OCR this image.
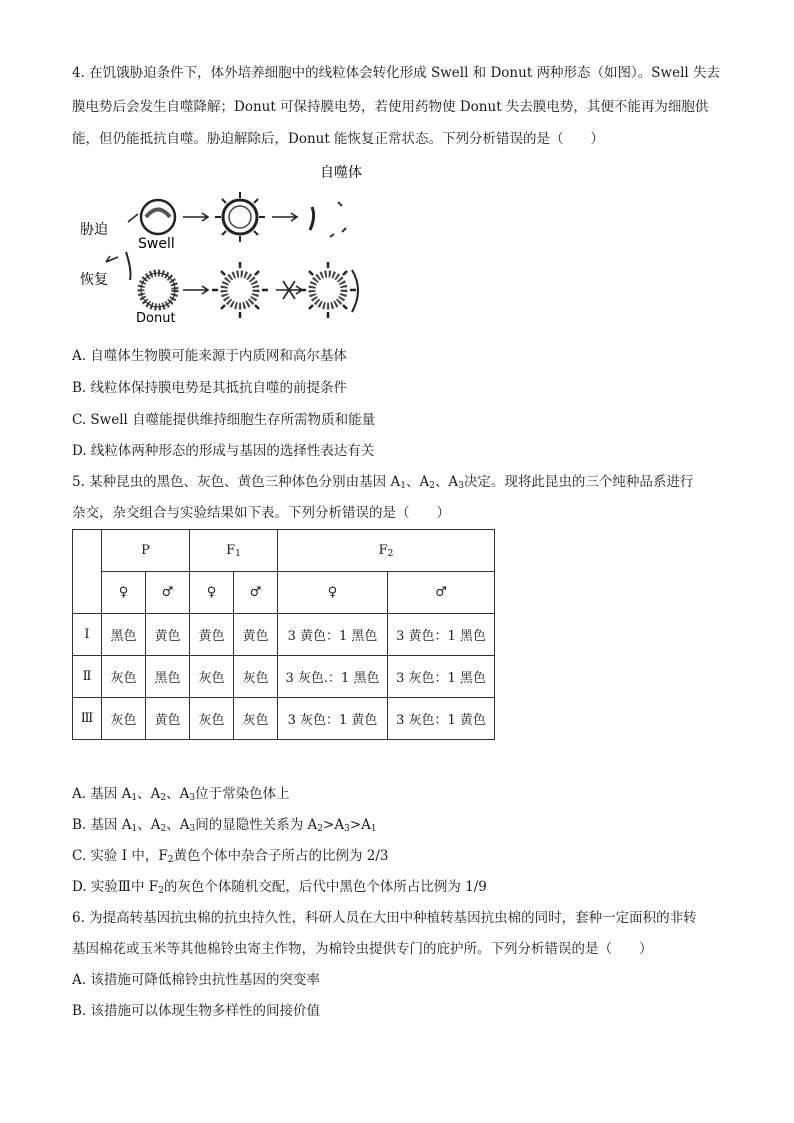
4. 在饥饿胁迫条件下，体外培养细胞中的线粒体会转化形成 Swell 和 Donut 两种形态（如图）。Swell 失去
膜电势后会发生自噬降解；Donut 可保持膜电势，若使用药物使 Donut 失去膜电势，其便不能再为细胞供
能，但仍能抵抗自噬。胁迫解除后，Donut 能恢复正常状态。下列分析错误的是（　　）
自噬体
胁迫
恢复
Swell
Donut
A. 自噬体生物膜可能来源于内质网和高尔基体
B. 线粒体保持膜电势是其抵抗自噬的前提条件
C. Swell 自噬能提供维持细胞生存所需物质和能量
D. 线粒体两种形态的形成与基因的选择性表达有关
5. 某种昆虫的黑色、灰色、黄色三种体色分别由基因 $A_1$、$A_2$、$A_3$决定。现将此昆虫的三个纯种品系进行
杂交，杂交组合与实验结果如下表。下列分析错误的是（　　）
	P		$F_1$		$F_2$
	♀	♂	♀	♂	♀	♂
Ⅰ	黑色	黄色	黄色	黄色	3 黄色：1 黑色	3 黄色：1 黑色
Ⅱ	灰色	黑色	灰色	灰色	3 灰色.：1 黑色	3 灰色：1 黑色
Ⅲ	灰色	黄色	灰色	灰色	3 灰色：1 黄色	3 灰色：1 黄色
A. 基因 $A_1$、$A_2$、$A_3$位于常染色体上
B. 基因 $A_1$、$A_2$、$A_3$间的显隐性关系为 $A_2>A_3>A_1$
C. 实验 Ⅰ 中，$F_2$黄色个体中杂合子所占的比例为 2/3
D. 实验Ⅲ中 $F_2$的灰色个体随机交配，后代中黑色个体所占比例为 1/9
6. 为提高转基因抗虫棉的抗虫持久性，科研人员在大田中种植转基因抗虫棉的同时，套种一定面积的非转
基因棉花或玉米等其他棉铃虫寄主作物，为棉铃虫提供专门的庇护所。下列分析错误的是（　　）
A. 该措施可降低棉铃虫抗性基因的突变率
B. 该措施可以体现生物多样性的间接价值
